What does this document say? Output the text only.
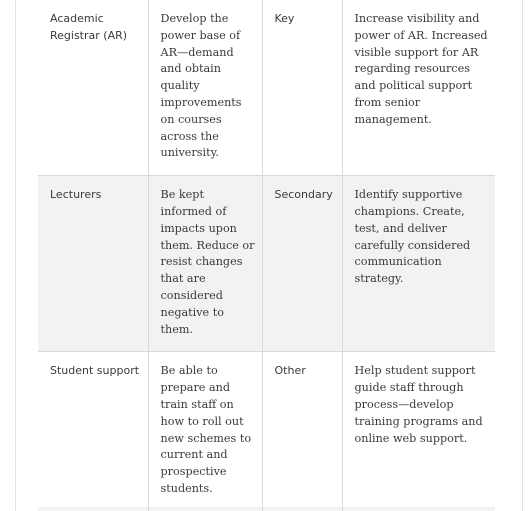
Academic Registrar (AR)	Develop the power base of AR—demand and obtain quality improvements on courses across the university.	Key	Increase visibility and power of AR. Increased visible support for AR regarding resources and political support from senior management.
Lecturers	Be kept informed of impacts upon them. Reduce or resist changes that are considered negative to them.	Secondary	Identify supportive champions. Create, test, and deliver carefully considered communication strategy.
Student support	Be able to prepare and train staff on how to roll out new schemes to current and prospective students.	Other	Help student support guide staff through process—develop training programs and online web support.
